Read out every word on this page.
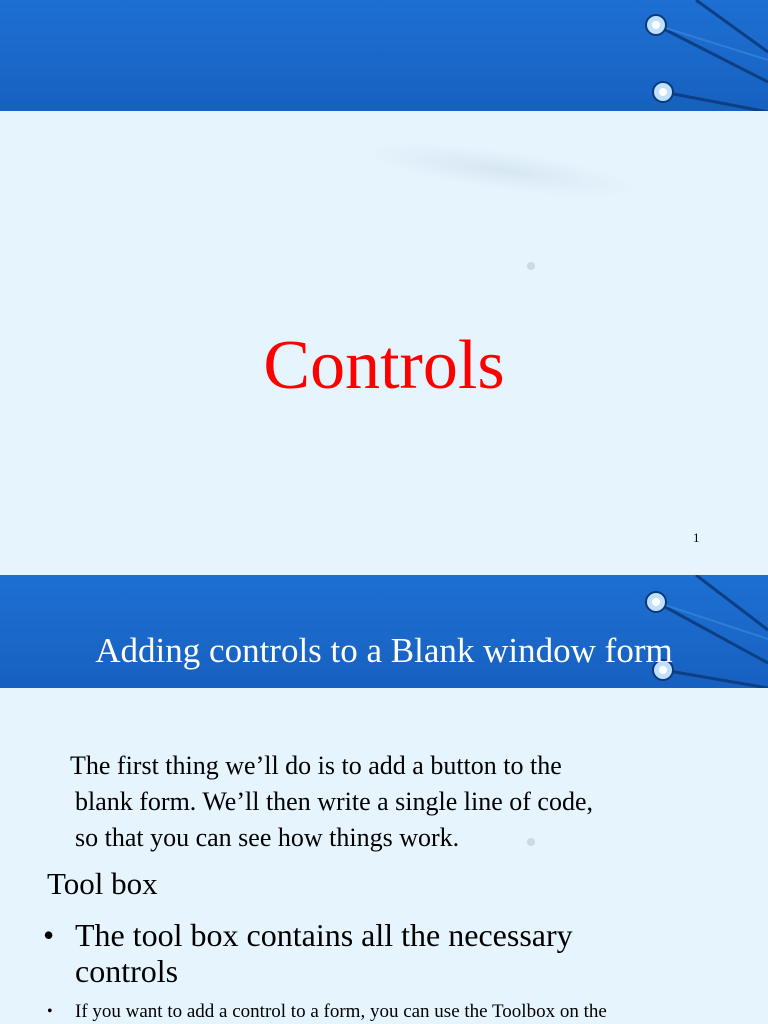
Controls
1
Adding controls to a Blank window form
The first thing we’ll do is to add a button to the
blank form. We’ll then write a single line of code,
so that you can see how things work.
Tool box
• The tool box contains all the necessary controls
• If you want to add a control to a form, you can use the Toolbox on the
